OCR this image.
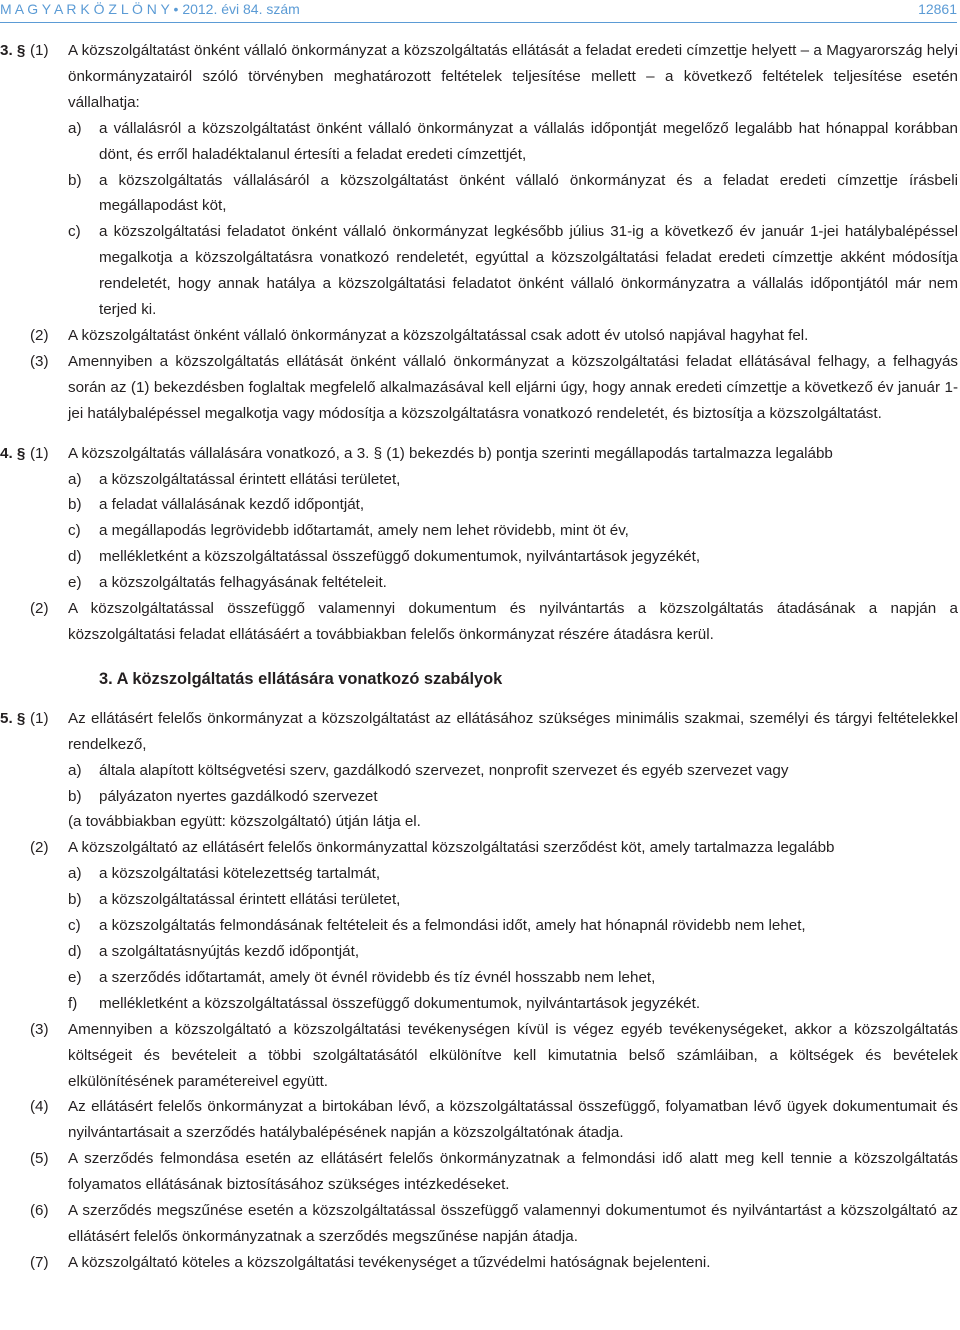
M A G Y A R K Ö Z L Ö N Y • 2012. évi 84. szám	12861
3. § (1)	A közszolgáltatást önként vállaló önkormányzat a közszolgáltatás ellátását a feladat eredeti címzettje helyett – a Magyarország helyi önkormányzatairól szóló törvényben meghatározott feltételek teljesítése mellett – a következő feltételek teljesítése esetén vállalhatja:
a)	a vállalásról a közszolgáltatást önként vállaló önkormányzat a vállalás időpontját megelőző legalább hat hónappal korábban dönt, és erről haladéktalanul értesíti a feladat eredeti címzettjét,
b)	a közszolgáltatás vállalásáról a közszolgáltatást önként vállaló önkormányzat és a feladat eredeti címzettje írásbeli megállapodást köt,
c)	a közszolgáltatási feladatot önként vállaló önkormányzat legkésőbb július 31-ig a következő év január 1-jei hatálybalépéssel megalkotja a közszolgáltatásra vonatkozó rendeletét, egyúttal a közszolgáltatási feladat eredeti címzettje akként módosítja rendeletét, hogy annak hatálya a közszolgáltatási feladatot önként vállaló önkormányzatra a vállalás időpontjától már nem terjed ki.
(2)	A közszolgáltatást önként vállaló önkormányzat a közszolgáltatással csak adott év utolsó napjával hagyhat fel.
(3)	Amennyiben a közszolgáltatás ellátását önként vállaló önkormányzat a közszolgáltatási feladat ellátásával felhagy, a felhagyás során az (1) bekezdésben foglaltak megfelelő alkalmazásával kell eljárni úgy, hogy annak eredeti címzettje a következő év január 1-jei hatálybalépéssel megalkotja vagy módosítja a közszolgáltatásra vonatkozó rendeletét, és biztosítja a közszolgáltatást.
4. § (1)	A közszolgáltatás vállalására vonatkozó, a 3. § (1) bekezdés b) pontja szerinti megállapodás tartalmazza legalább
a)	a közszolgáltatással érintett ellátási területet,
b)	a feladat vállalásának kezdő időpontját,
c)	a megállapodás legrövidebb időtartamát, amely nem lehet rövidebb, mint öt év,
d)	mellékletként a közszolgáltatással összefüggő dokumentumok, nyilvántartások jegyzékét,
e)	a közszolgáltatás felhagyásának feltételeit.
(2)	A közszolgáltatással összefüggő valamennyi dokumentum és nyilvántartás a közszolgáltatás átadásának a napján a közszolgáltatási feladat ellátásáért a továbbiakban felelős önkormányzat részére átadásra kerül.
3. A közszolgáltatás ellátására vonatkozó szabályok
5. § (1)	Az ellátásért felelős önkormányzat a közszolgáltatást az ellátásához szükséges minimális szakmai, személyi és tárgyi feltételekkel rendelkező,
a)	általa alapított költségvetési szerv, gazdálkodó szervezet, nonprofit szervezet és egyéb szervezet vagy
b)	pályázaton nyertes gazdálkodó szervezet
(a továbbiakban együtt: közszolgáltató) útján látja el.
(2)	A közszolgáltató az ellátásért felelős önkormányzattal közszolgáltatási szerződést köt, amely tartalmazza legalább
a)	a közszolgáltatási kötelezettség tartalmát,
b)	a közszolgáltatással érintett ellátási területet,
c)	a közszolgáltatás felmondásának feltételeit és a felmondási időt, amely hat hónapnál rövidebb nem lehet,
d)	a szolgáltatásnyújtás kezdő időpontját,
e)	a szerződés időtartamát, amely öt évnél rövidebb és tíz évnél hosszabb nem lehet,
f)	mellékletként a közszolgáltatással összefüggő dokumentumok, nyilvántartások jegyzékét.
(3)	Amennyiben a közszolgáltató a közszolgáltatási tevékenységen kívül is végez egyéb tevékenységeket, akkor a közszolgáltatás költségeit és bevételeit a többi szolgáltatásától elkülönítve kell kimutatnia belső számláiban, a költségek és bevételek elkülönítésének paramétereivel együtt.
(4)	Az ellátásért felelős önkormányzat a birtokában lévő, a közszolgáltatással összefüggő, folyamatban lévő ügyek dokumentumait és nyilvántartásait a szerződés hatálybalépésének napján a közszolgáltatónak átadja.
(5)	A szerződés felmondása esetén az ellátásért felelős önkormányzatnak a felmondási idő alatt meg kell tennie a közszolgáltatás folyamatos ellátásának biztosításához szükséges intézkedéseket.
(6)	A szerződés megszűnése esetén a közszolgáltatással összefüggő valamennyi dokumentumot és nyilvántartást a közszolgáltató az ellátásért felelős önkormányzatnak a szerződés megszűnése napján átadja.
(7)	A közszolgáltató köteles a közszolgáltatási tevékenységet a tűzvédelmi hatóságnak bejelenteni.
